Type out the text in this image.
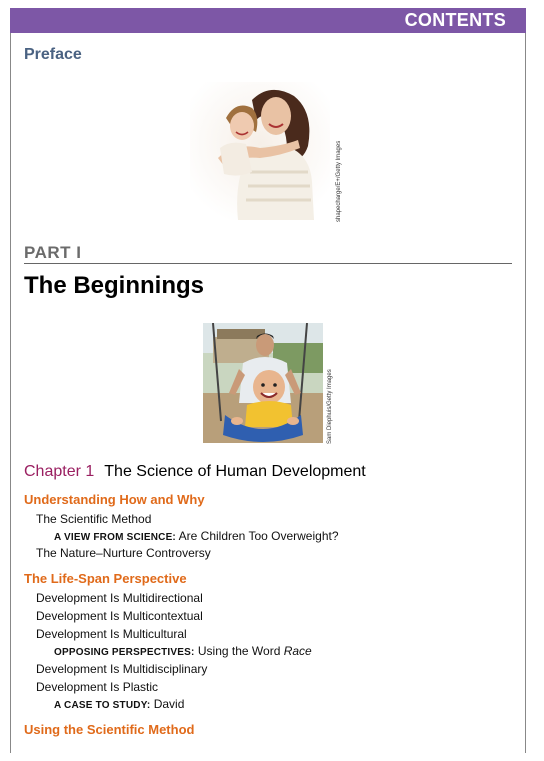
CONTENTS
Preface
shapecharge/E+/Getty Images
PART I
The Beginnings
Sam Diephuis/Getty Images
Chapter 1 The Science of Human Development
Understanding How and Why
The Scientific Method
A VIEW FROM SCIENCE: Are Children Too Overweight?
The Nature–Nurture Controversy
The Life-Span Perspective
Development Is Multidirectional
Development Is Multicontextual
Development Is Multicultural
OPPOSING PERSPECTIVES: Using the Word Race
Development Is Multidisciplinary
Development Is Plastic
A CASE TO STUDY: David
Using the Scientific Method
